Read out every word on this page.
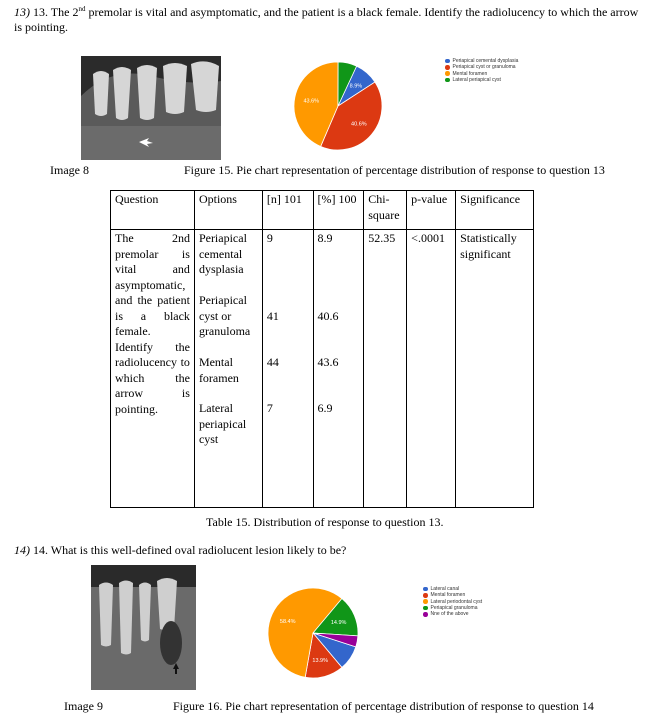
13) 13. The 2nd premolar is vital and asymptomatic, and the patient is a black female. Identify the radiolucency to which the arrow is pointing.
8.9%
40.6%
43.6%
Periapical cemental dysplasia
Periapical cyst or granuloma
Mental foramen
Lateral periapical cyst
Image 8	Figure 15. Pie chart representation of percentage distribution of response to question 13
Question	Options	[n] 101	[%] 100	Chi-square	p-value	Significance
The 2nd premolar is vital and asymptomatic, and the patient is a black female. Identify the radiolucency to which the arrow is pointing.	Periapical cemental dysplasia
Periapical cyst or granuloma
Mental foramen
Lateral periapical cyst	9
41
44
7	8.9
40.6
43.6
6.9	52.35	<.0001	Statistically significant
Table 15. Distribution of response to question 13.
14) 14. What is this well-defined oval radiolucent lesion likely to be?
13.9%
58.4%	14.9%
Lateral canal
Mental foramen
Lateral periodontal cyst
Periapical granuloma
Nne of the above
Image 9	Figure 16. Pie chart representation of percentage distribution of response to question 14
